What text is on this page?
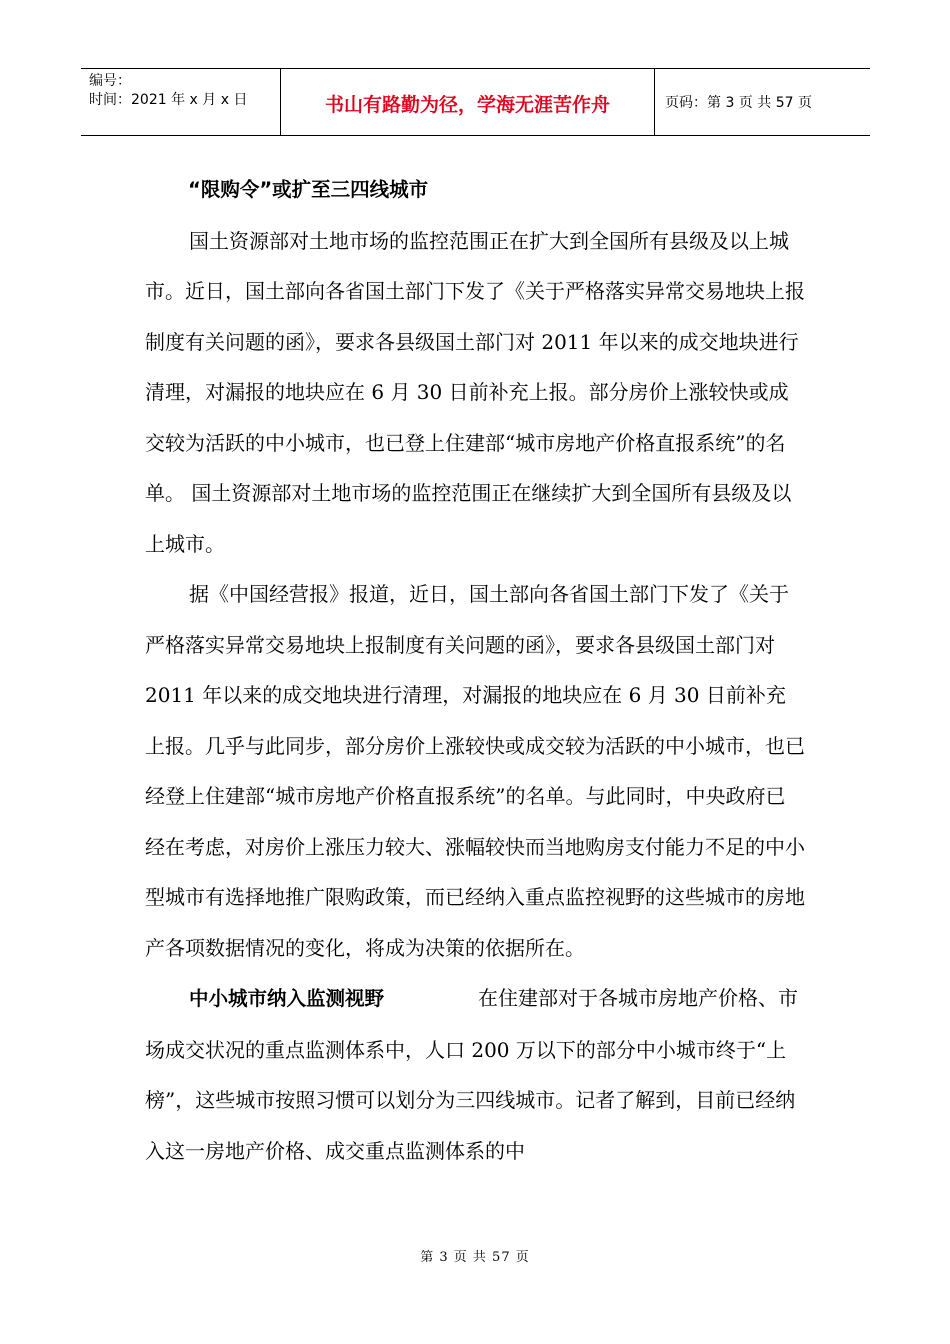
编号：
时间：2021 年 x 月 x 日	书山有路勤为径，学海无涯苦作舟	页码：第 3 页 共 57 页

“限购令”或扩至三四线城市

国土资源部对土地市场的监控范围正在扩大到全国所有县级及以上城市。近日，国土部向各省国土部门下发了《关于严格落实异常交易地块上报制度有关问题的函》，要求各县级国土部门对 2011 年以来的成交地块进行清理，对漏报的地块应在 6 月 30 日前补充上报。部分房价上涨较快或成交较为活跃的中小城市，也已登上住建部“城市房地产价格直报系统”的名单。 国土资源部对土地市场的监控范围正在继续扩大到全国所有县级及以上城市。

据《中国经营报》报道，近日，国土部向各省国土部门下发了《关于严格落实异常交易地块上报制度有关问题的函》，要求各县级国土部门对 2011 年以来的成交地块进行清理，对漏报的地块应在 6 月 30 日前补充上报。几乎与此同步，部分房价上涨较快或成交较为活跃的中小城市，也已经登上住建部“城市房地产价格直报系统”的名单。与此同时，中央政府已经在考虑，对房价上涨压力较大、涨幅较快而当地购房支付能力不足的中小型城市有选择地推广限购政策，而已经纳入重点监控视野的这些城市的房地产各项数据情况的变化，将成为决策的依据所在。

中小城市纳入监测视野	在住建部对于各城市房地产价格、市场成交状况的重点监测体系中，人口 200 万以下的部分中小城市终于“上榜”，这些城市按照习惯可以划分为三四线城市。记者了解到，目前已经纳入这一房地产价格、成交重点监测体系的中

第 3 页 共 57 页
